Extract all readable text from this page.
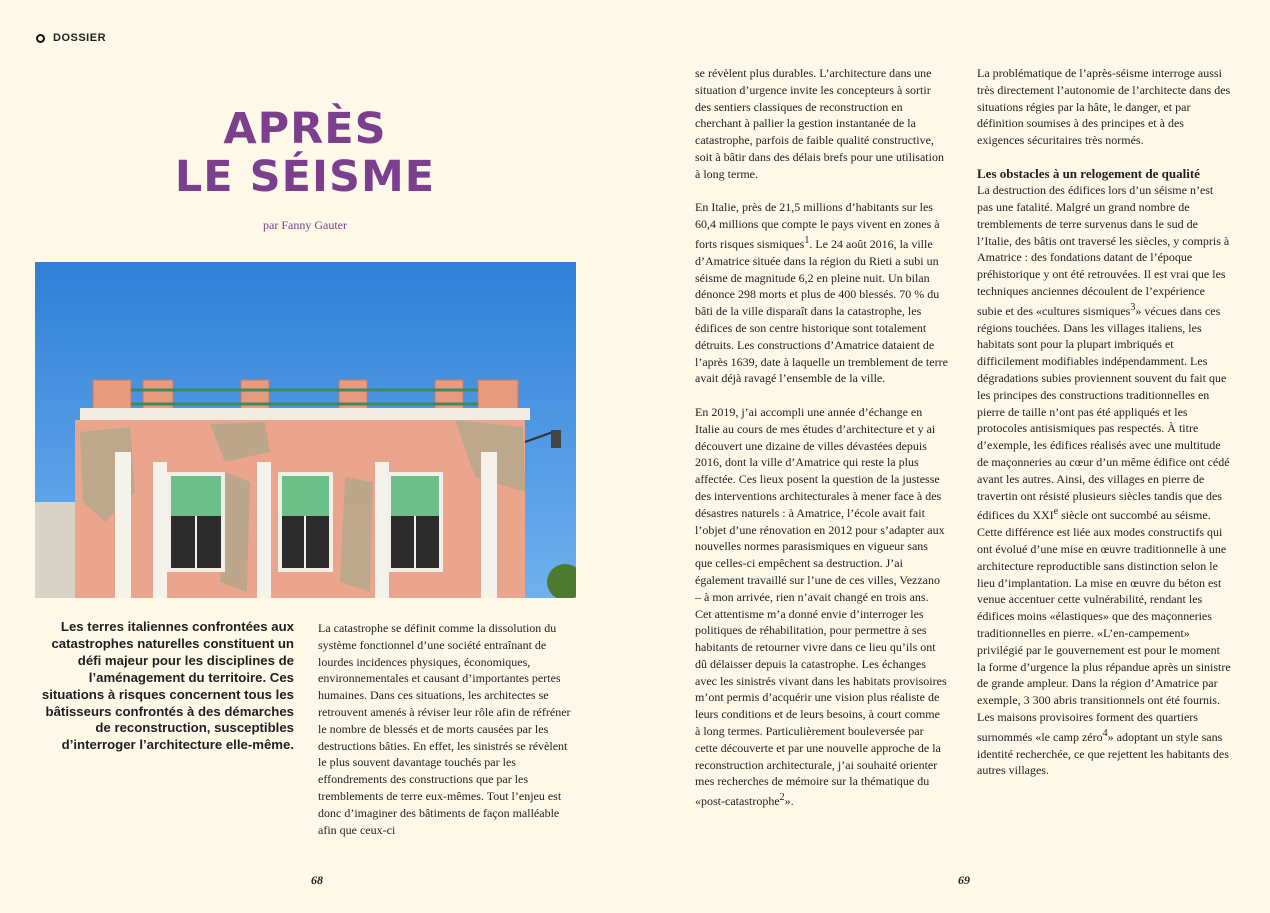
DOSSIER
APRÈS
LE SÉISME
par Fanny Gauter
Les terres italiennes confrontées aux catastrophes naturelles constituent un défi majeur pour les disciplines de l’aménagement du territoire. Ces situations à risques concernent tous les bâtisseurs confrontés à des démarches de reconstruction, susceptibles d’interroger l’architecture elle-même.

La catastrophe se définit comme la dissolution du système fonctionnel d’une société entraînant de lourdes incidences physiques, économiques, environnementales et causant d’importantes pertes humaines. Dans ces situations, les architectes se retrouvent amenés à réviser leur rôle afin de réfréner le nombre de blessés et de morts causées par les destructions bâties. En effet, les sinistrés se révèlent le plus souvent davantage touchés par les effondrements des constructions que par les tremblements de terre eux-mêmes. Tout l’enjeu est donc d’imaginer des bâtiments de façon malléable afin que ceux-ci

se révèlent plus durables. L’architecture dans une situation d’urgence invite les concepteurs à sortir des sentiers classiques de reconstruction en cherchant à pallier la gestion instantanée de la catastrophe, parfois de faible qualité constructive, soit à bâtir dans des délais brefs pour une utilisation à long terme.

En Italie, près de 21,5 millions d’habitants sur les 60,4 millions que compte le pays vivent en zones à forts risques sismiques$^1$. Le 24 août 2016, la ville d’Amatrice située dans la région du Rieti a subi un séisme de magnitude 6,2 en pleine nuit. Un bilan dénonce 298 morts et plus de 400 blessés. 70 % du bâti de la ville disparaît dans la catastrophe, les édifices de son centre historique sont totalement détruits. Les constructions d’Amatrice dataient de l’après 1639, date à laquelle un tremblement de terre avait déjà ravagé l’ensemble de la ville.

En 2019, j’ai accompli une année d’échange en Italie au cours de mes études d’architecture et y ai découvert une dizaine de villes dévastées depuis 2016, dont la ville d’Amatrice qui reste la plus affectée. Ces lieux posent la question de la justesse des interventions architecturales à mener face à des désastres naturels : à Amatrice, l’école avait fait l’objet d’une rénovation en 2012 pour s’adapter aux nouvelles normes parasismiques en vigueur sans que celles-ci empêchent sa destruction. J’ai également travaillé sur l’une de ces villes, Vezzano – à mon arrivée, rien n’avait changé en trois ans. Cet attentisme m’a donné envie d’interroger les politiques de réhabilitation, pour permettre à ses habitants de retourner vivre dans ce lieu qu’ils ont dû délaisser depuis la catastrophe. Les échanges avec les sinistrés vivant dans les habitats provisoires m’ont permis d’acquérir une vision plus réaliste de leurs conditions et de leurs besoins, à court comme à long termes. Particulièrement bouleversée par cette découverte et par une nouvelle approche de la reconstruction architecturale, j’ai souhaité orienter mes recherches de mémoire sur la thématique du «post-catastrophe$^2$».

La problématique de l’après-séisme interroge aussi très directement l’autonomie de l’architecte dans des situations régies par la hâte, le danger, et par définition soumises à des principes et à des exigences sécuritaires très normés.

Les obstacles à un relogement de qualité

La destruction des édifices lors d’un séisme n’est pas une fatalité. Malgré un grand nombre de tremblements de terre survenus dans le sud de l’Italie, des bâtis ont traversé les siècles, y compris à Amatrice : des fondations datant de l’époque préhistorique y ont été retrouvées. Il est vrai que les techniques anciennes découlent de l’expérience subie et des «cultures sismiques$^3$» vécues dans ces régions touchées. Dans les villages italiens, les habitats sont pour la plupart imbriqués et difficilement modifiables indépendamment. Les dégradations subies proviennent souvent du fait que les principes des constructions traditionnelles en pierre de taille n’ont pas été appliqués et les protocoles antisismiques pas respectés. À titre d’exemple, les édifices réalisés avec une multitude de maçonneries au cœur d’un même édifice ont cédé avant les autres. Ainsi, des villages en pierre de travertin ont résisté plusieurs siècles tandis que des édifices du XXIe siècle ont succombé au séisme. Cette différence est liée aux modes constructifs qui ont évolué d’une mise en œuvre traditionnelle à une architecture reproductible sans distinction selon le lieu d’implantation. La mise en œuvre du béton est venue accentuer cette vulnérabilité, rendant les édifices moins «élastiques» que des maçonneries traditionnelles en pierre. «L’en-campement» privilégié par le gouvernement est pour le moment la forme d’urgence la plus répandue après un sinistre de grande ampleur. Dans la région d’Amatrice par exemple, 3 300 abris transitionnels ont été fournis. Les maisons provisoires forment des quartiers surnommés «le camp zéro$^4$» adoptant un style sans identité recherchée, ce que rejettent les habitants des autres villages.

68	69
